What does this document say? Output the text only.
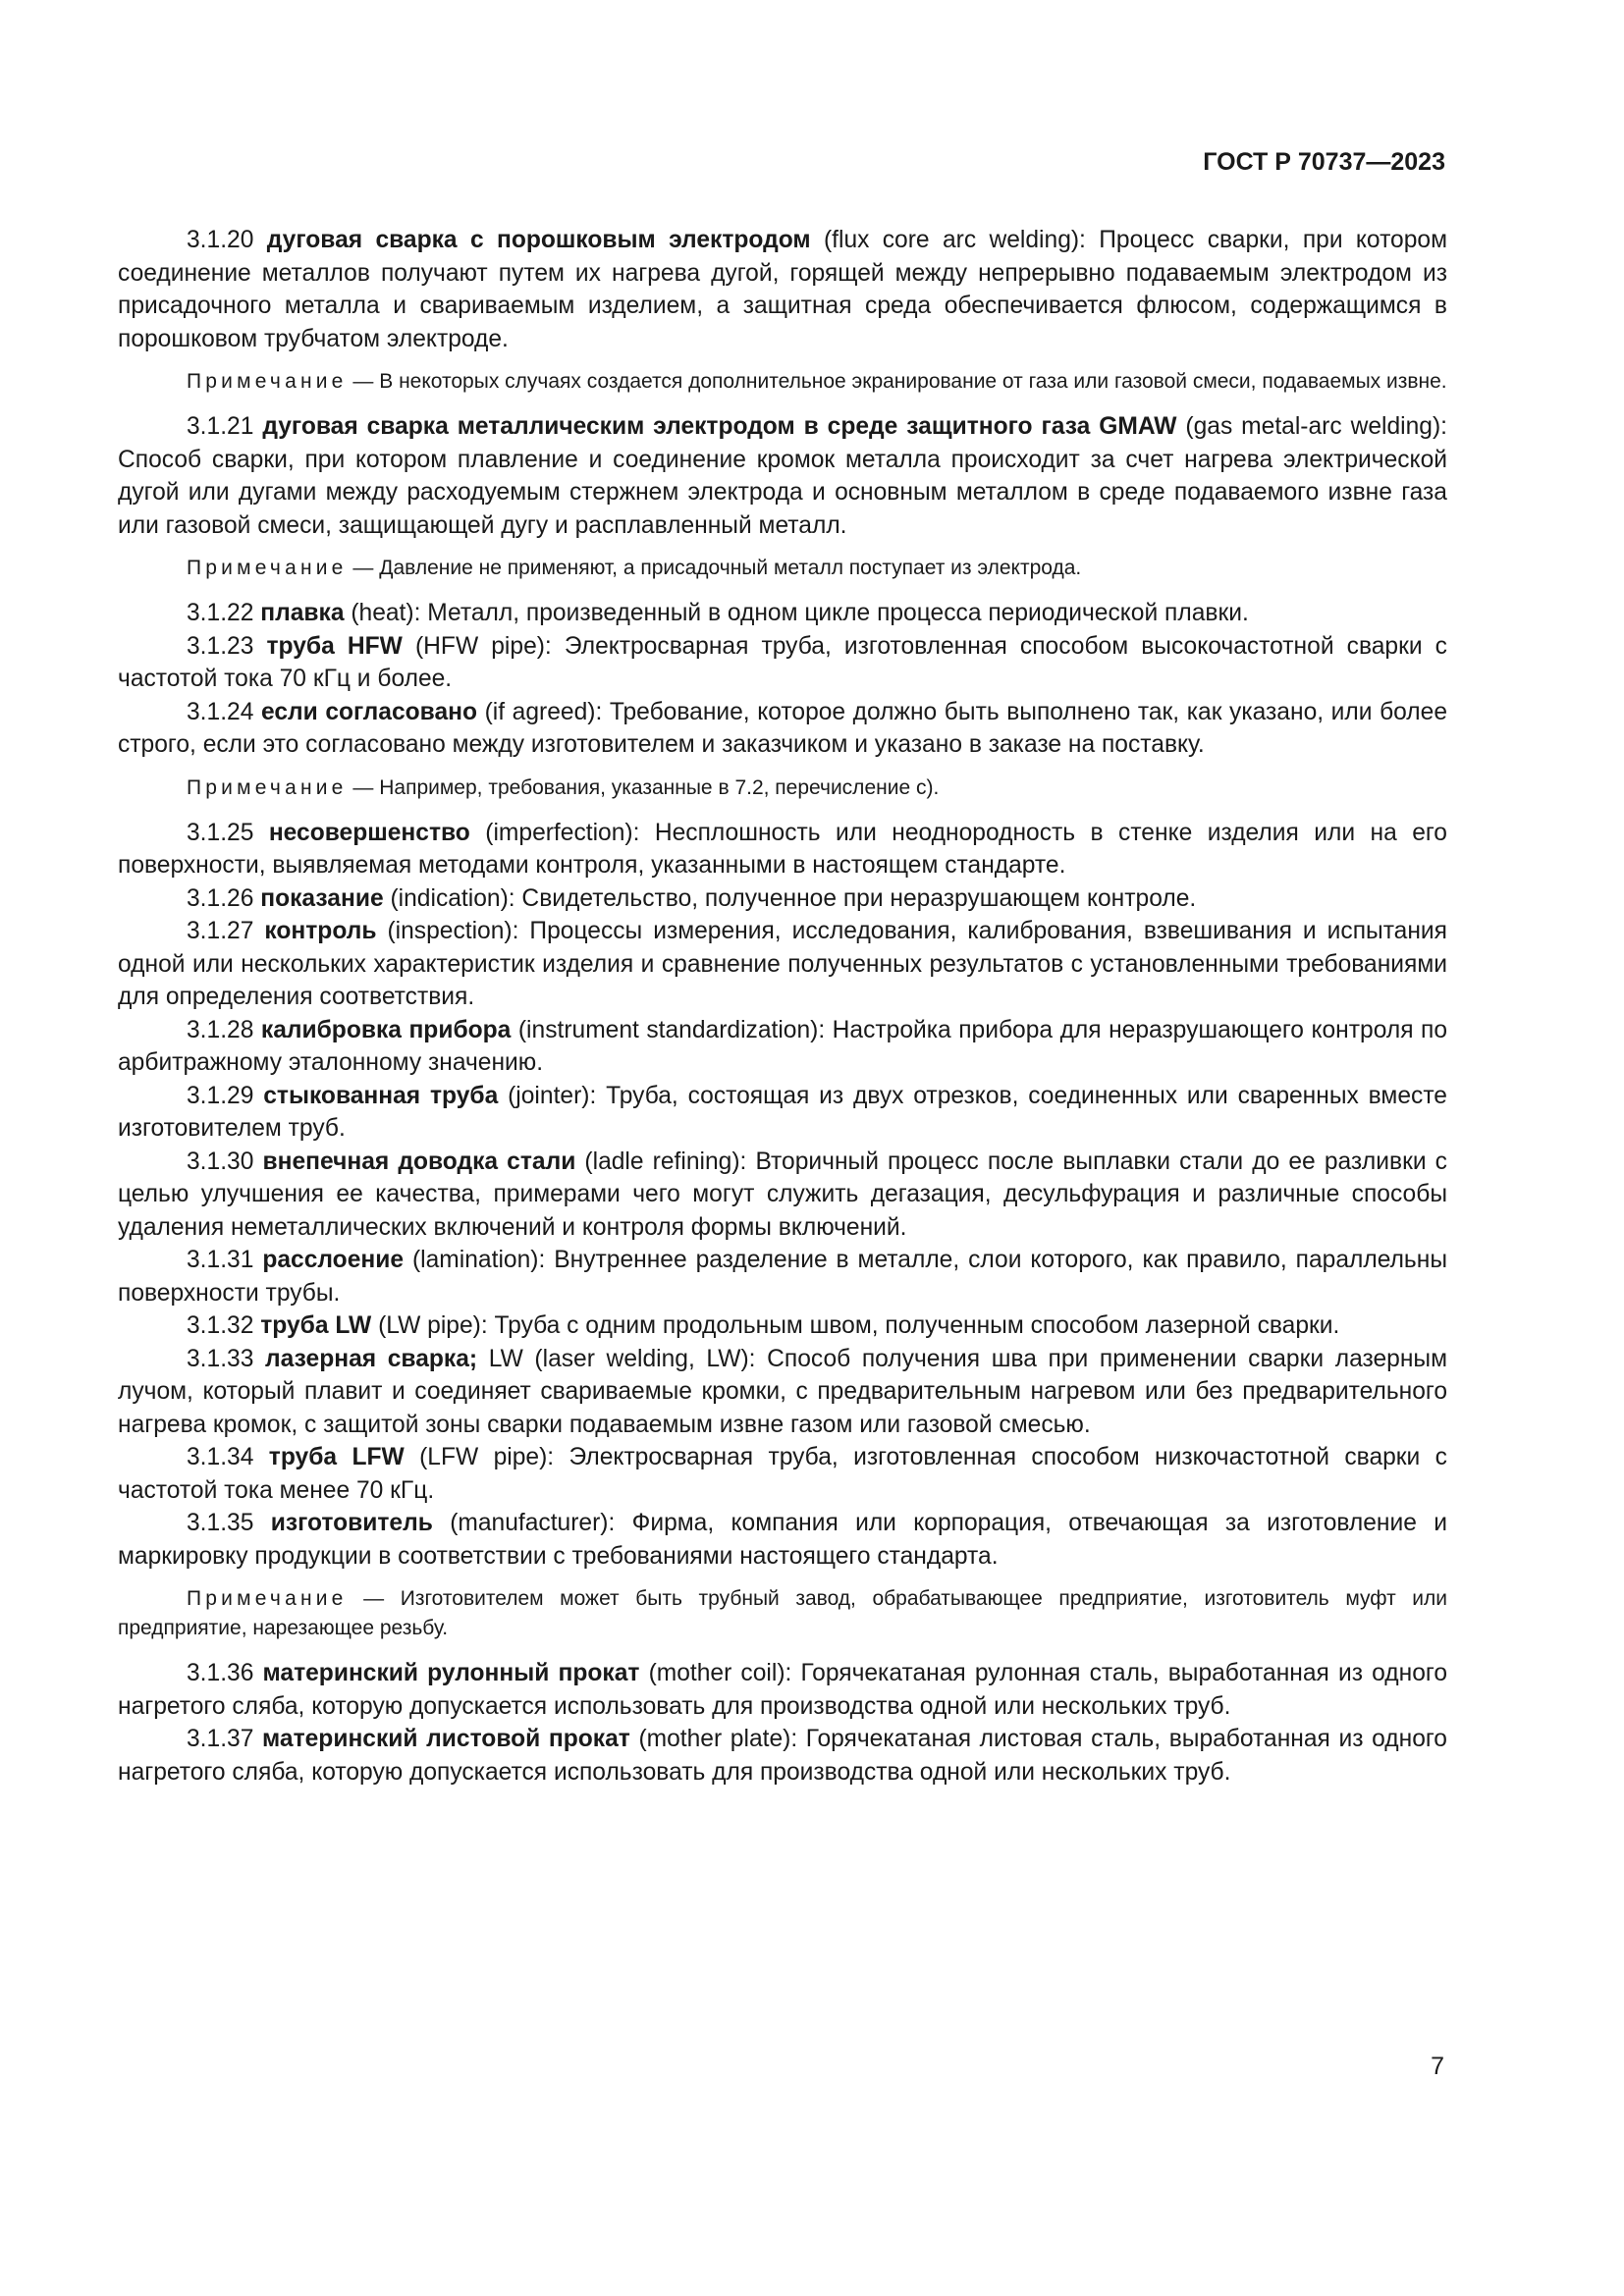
ГОСТ Р 70737—2023

3.1.20 дуговая сварка с порошковым электродом (flux core arc welding): Процесс сварки, при котором соединение металлов получают путем их нагрева дугой, горящей между непрерывно подаваемым электродом из присадочного металла и свариваемым изделием, а защитная среда обеспечивается флюсом, содержащимся в порошковом трубчатом электроде.

Примечание — В некоторых случаях создается дополнительное экранирование от газа или газовой смеси, подаваемых извне.

3.1.21 дуговая сварка металлическим электродом в среде защитного газа GMAW (gas metal-arc welding): Способ сварки, при котором плавление и соединение кромок металла происходит за счет нагрева электрической дугой или дугами между расходуемым стержнем электрода и основным металлом в среде подаваемого извне газа или газовой смеси, защищающей дугу и расплавленный металл.

Примечание — Давление не применяют, а присадочный металл поступает из электрода.

3.1.22 плавка (heat): Металл, произведенный в одном цикле процесса периодической плавки.

3.1.23 труба HFW (HFW pipe): Электросварная труба, изготовленная способом высокочастотной сварки с частотой тока 70 кГц и более.

3.1.24 если согласовано (if agreed): Требование, которое должно быть выполнено так, как указано, или более строго, если это согласовано между изготовителем и заказчиком и указано в заказе на поставку.

Примечание — Например, требования, указанные в 7.2, перечисление с).

3.1.25 несовершенство (imperfection): Несплошность или неоднородность в стенке изделия или на его поверхности, выявляемая методами контроля, указанными в настоящем стандарте.

3.1.26 показание (indication): Свидетельство, полученное при неразрушающем контроле.

3.1.27 контроль (inspection): Процессы измерения, исследования, калибрования, взвешивания и испытания одной или нескольких характеристик изделия и сравнение полученных результатов с установленными требованиями для определения соответствия.

3.1.28 калибровка прибора (instrument standardization): Настройка прибора для неразрушающего контроля по арбитражному эталонному значению.

3.1.29 стыкованная труба (jointer): Труба, состоящая из двух отрезков, соединенных или сваренных вместе изготовителем труб.

3.1.30 внепечная доводка стали (ladle refining): Вторичный процесс после выплавки стали до ее разливки с целью улучшения ее качества, примерами чего могут служить дегазация, десульфурация и различные способы удаления неметаллических включений и контроля формы включений.

3.1.31 расслоение (lamination): Внутреннее разделение в металле, слои которого, как правило, параллельны поверхности трубы.

3.1.32 труба LW (LW pipe): Труба с одним продольным швом, полученным способом лазерной сварки.

3.1.33 лазерная сварка; LW (laser welding, LW): Способ получения шва при применении сварки лазерным лучом, который плавит и соединяет свариваемые кромки, с предварительным нагревом или без предварительного нагрева кромок, с защитой зоны сварки подаваемым извне газом или газовой смесью.

3.1.34 труба LFW (LFW pipe): Электросварная труба, изготовленная способом низкочастотной сварки с частотой тока менее 70 кГц.

3.1.35 изготовитель (manufacturer): Фирма, компания или корпорация, отвечающая за изготовление и маркировку продукции в соответствии с требованиями настоящего стандарта.

Примечание — Изготовителем может быть трубный завод, обрабатывающее предприятие, изготовитель муфт или предприятие, нарезающее резьбу.

3.1.36 материнский рулонный прокат (mother coil): Горячекатаная рулонная сталь, выработанная из одного нагретого сляба, которую допускается использовать для производства одной или нескольких труб.

3.1.37 материнский листовой прокат (mother plate): Горячекатаная листовая сталь, выработанная из одного нагретого сляба, которую допускается использовать для производства одной или нескольких труб.

7
